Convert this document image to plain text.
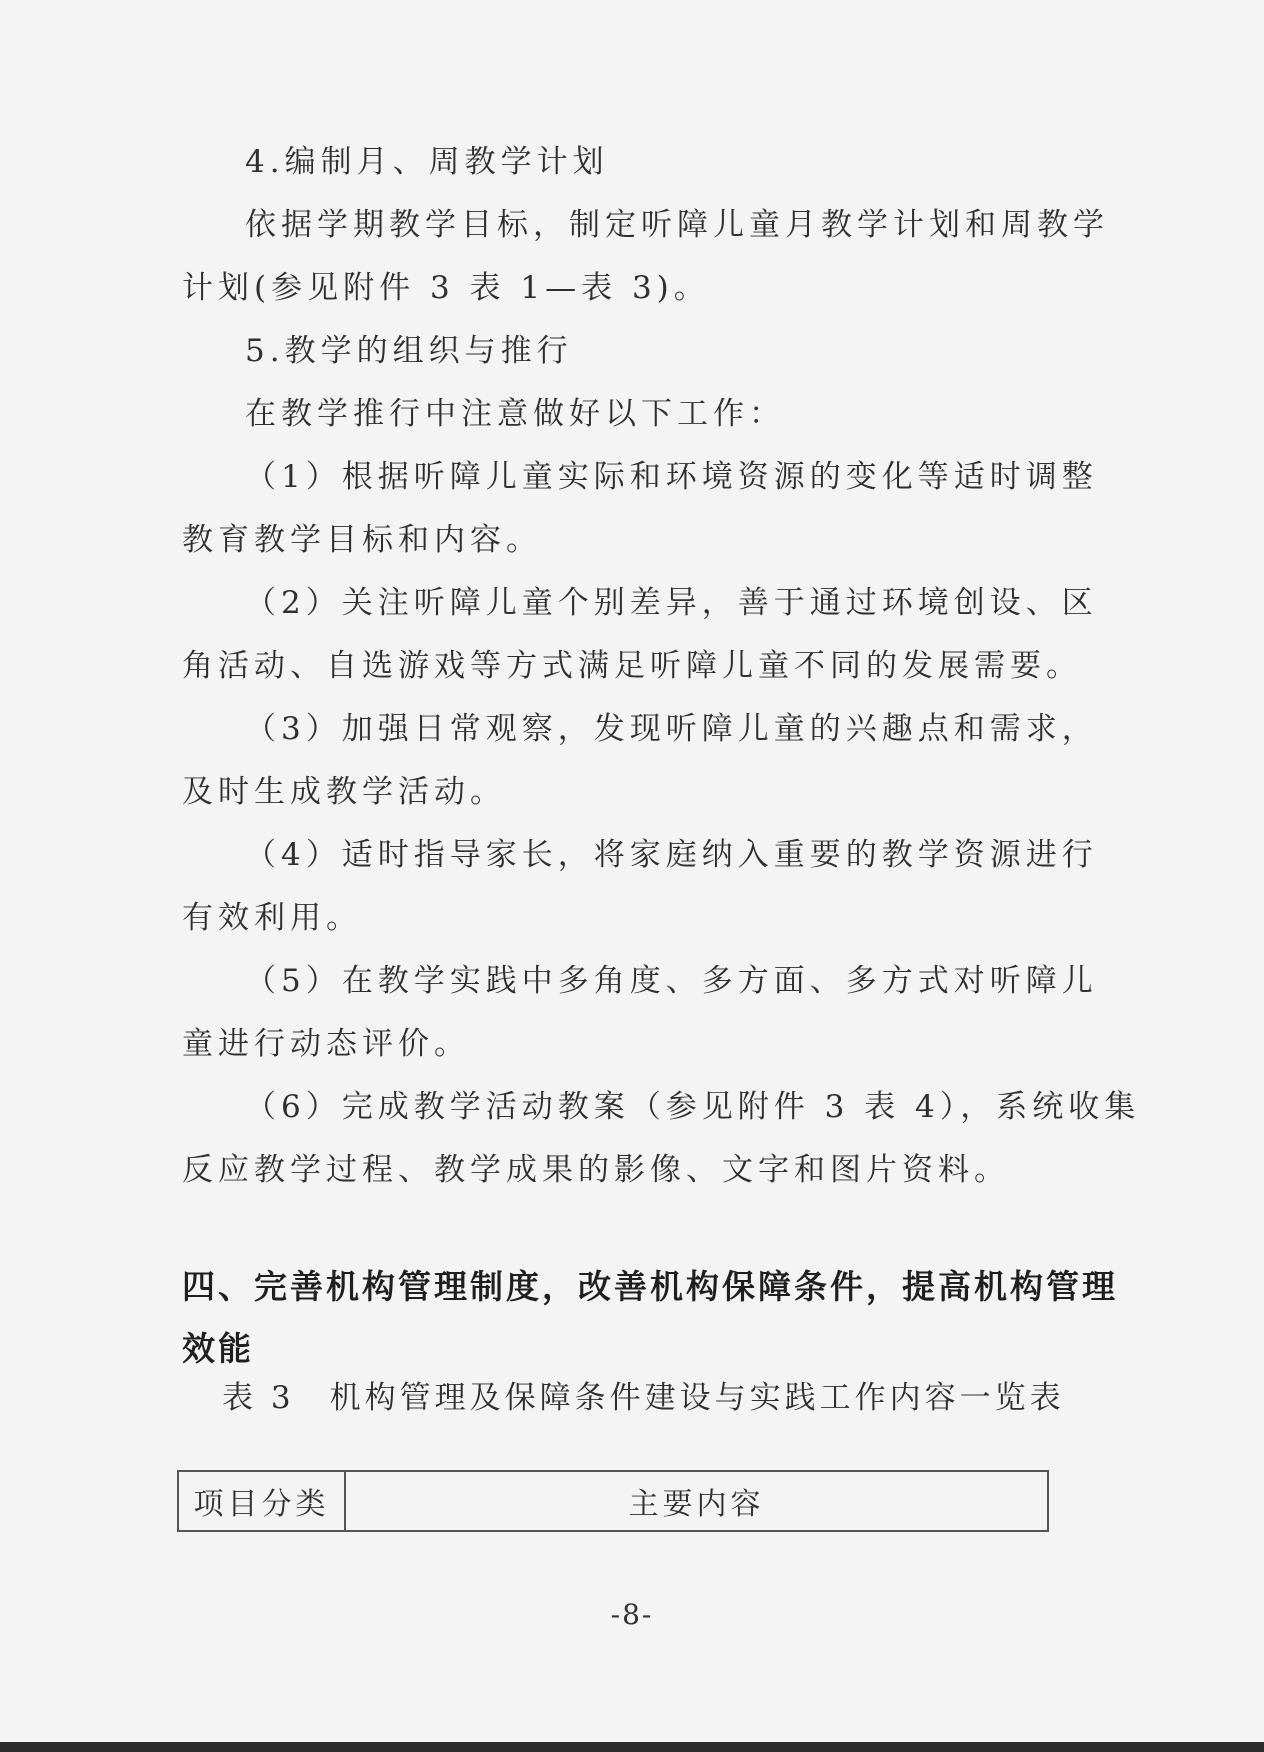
4.编制月、周教学计划
依据学期教学目标，制定听障儿童月教学计划和周教学
计划(参见附件 3 表 1—表 3)。
5.教学的组织与推行
在教学推行中注意做好以下工作：
（1）根据听障儿童实际和环境资源的变化等适时调整
教育教学目标和内容。
（2）关注听障儿童个别差异，善于通过环境创设、区
角活动、自选游戏等方式满足听障儿童不同的发展需要。
（3）加强日常观察，发现听障儿童的兴趣点和需求，
及时生成教学活动。
（4）适时指导家长，将家庭纳入重要的教学资源进行
有效利用。
（5）在教学实践中多角度、多方面、多方式对听障儿
童进行动态评价。
（6）完成教学活动教案（参见附件 3 表 4），系统收集
反应教学过程、教学成果的影像、文字和图片资料。
四、完善机构管理制度，改善机构保障条件，提高机构管理
效能
表 3　机构管理及保障条件建设与实践工作内容一览表
项目分类	主要内容
-8-
